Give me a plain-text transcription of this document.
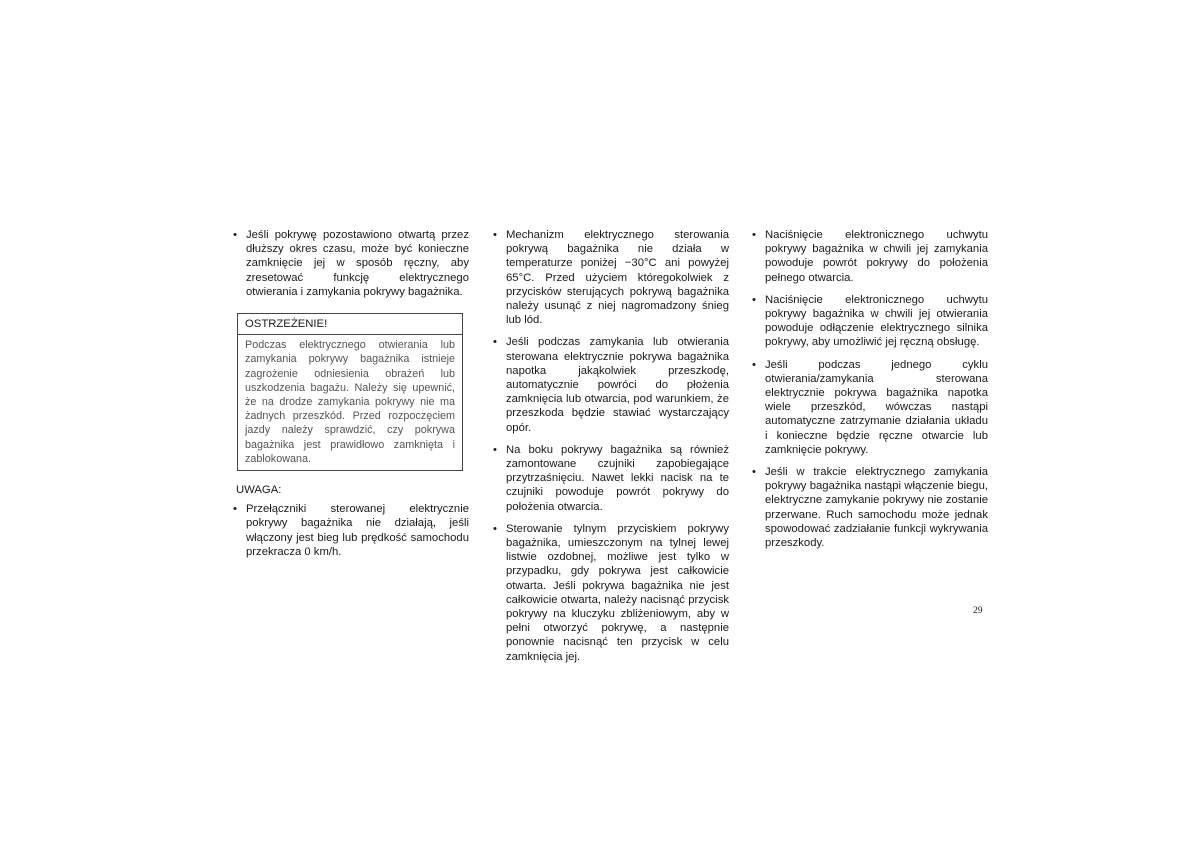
• Jeśli pokrywę pozostawiono otwartą przez dłuższy okres czasu, może być konieczne zamknięcie jej w sposób ręczny, aby zresetować funkcję elektrycznego otwierania i zamykania pokrywy bagażnika.
OSTRZEŻENIE!
Podczas elektrycznego otwierania lub zamykania pokrywy bagażnika istnieje zagrożenie odniesienia obrażeń lub uszkodzenia bagażu. Należy się upewnić, że na drodze zamykania pokrywy nie ma żadnych przeszkód. Przed rozpoczęciem jazdy należy sprawdzić, czy pokrywa bagażnika jest prawidłowo zamknięta i zablokowana.
UWAGA:
• Przełączniki sterowanej elektrycznie pokrywy bagażnika nie działają, jeśli włączony jest bieg lub prędkość samochodu przekracza 0 km/h.
• Mechanizm elektrycznego sterowania pokrywą bagażnika nie działa w temperaturze poniżej −30°C ani powyżej 65°C. Przed użyciem któregokolwiek z przycisków sterujących pokrywą bagażnika należy usunąć z niej nagromadzony śnieg lub lód.
• Jeśli podczas zamykania lub otwierania sterowana elektrycznie pokrywa bagażnika napotka jakąkolwiek przeszkodę, automatycznie powróci do płożenia zamknięcia lub otwarcia, pod warunkiem, że przeszkoda będzie stawiać wystarczający opór.
• Na boku pokrywy bagażnika są również zamontowane czujniki zapobiegające przytrzaśnięciu. Nawet lekki nacisk na te czujniki powoduje powrót pokrywy do położenia otwarcia.
• Sterowanie tylnym przyciskiem pokrywy bagażnika, umieszczonym na tylnej lewej listwie ozdobnej, możliwe jest tylko w przypadku, gdy pokrywa jest całkowicie otwarta. Jeśli pokrywa bagażnika nie jest całkowicie otwarta, należy nacisnąć przycisk pokrywy na kluczyku zbliżeniowym, aby w pełni otworzyć pokrywę, a następnie ponownie nacisnąć ten przycisk w celu zamknięcia jej.
• Naciśnięcie elektronicznego uchwytu pokrywy bagażnika w chwili jej zamykania powoduje powrót pokrywy do położenia pełnego otwarcia.
• Naciśnięcie elektronicznego uchwytu pokrywy bagażnika w chwili jej otwierania powoduje odłączenie elektrycznego silnika pokrywy, aby umożliwić jej ręczną obsługę.
• Jeśli podczas jednego cyklu otwierania/zamykania sterowana elektrycznie pokrywa bagażnika napotka wiele przeszkód, wówczas nastąpi automatyczne zatrzymanie działania układu i konieczne będzie ręczne otwarcie lub zamknięcie pokrywy.
• Jeśli w trakcie elektrycznego zamykania pokrywy bagażnika nastąpi włączenie biegu, elektryczne zamykanie pokrywy nie zostanie przerwane. Ruch samochodu może jednak spowodować zadziałanie funkcji wykrywania przeszkody.
29
